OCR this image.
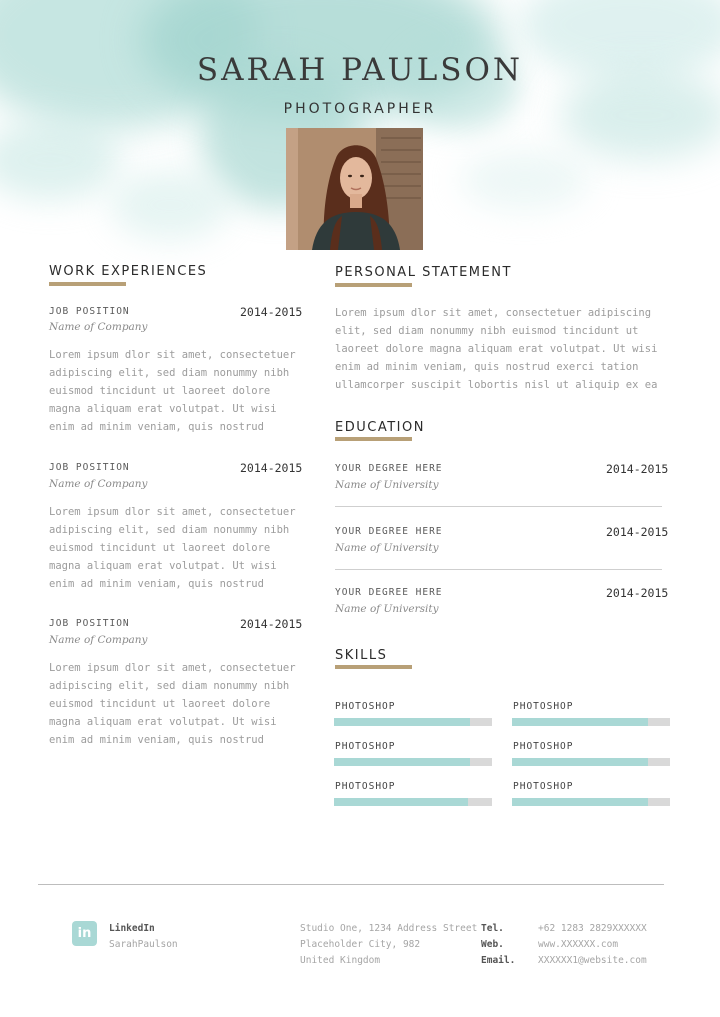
SARAH PAULSON
PHOTOGRAPHER
WORK EXPERIENCES
JOB POSITION	2014-2015
Name of Company
Lorem ipsum dlor sit amet, consectetuer
adipiscing elit, sed diam nonummy nibh
euismod tincidunt ut laoreet dolore
magna aliquam erat volutpat. Ut wisi
enim ad minim veniam, quis nostrud
JOB POSITION	2014-2015
Name of Company
Lorem ipsum dlor sit amet, consectetuer
adipiscing elit, sed diam nonummy nibh
euismod tincidunt ut laoreet dolore
magna aliquam erat volutpat. Ut wisi
enim ad minim veniam, quis nostrud
JOB POSITION	2014-2015
Name of Company
Lorem ipsum dlor sit amet, consectetuer
adipiscing elit, sed diam nonummy nibh
euismod tincidunt ut laoreet dolore
magna aliquam erat volutpat. Ut wisi
enim ad minim veniam, quis nostrud
PERSONAL STATEMENT
Lorem ipsum dlor sit amet, consectetuer adipiscing
elit, sed diam nonummy nibh euismod tincidunt ut
laoreet dolore magna aliquam erat volutpat. Ut wisi
enim ad minim veniam, quis nostrud exerci tation
ullamcorper suscipit lobortis nisl ut aliquip ex ea
EDUCATION
YOUR DEGREE HERE	2014-2015
Name of University
YOUR DEGREE HERE	2014-2015
Name of University
YOUR DEGREE HERE	2014-2015
Name of University
SKILLS
PHOTOSHOP	PHOTOSHOP
PHOTOSHOP	PHOTOSHOP
PHOTOSHOP	PHOTOSHOP
in	LinkedIn
SarahPaulson
Studio One, 1234 Address Street
Placeholder City, 982
United Kingdom
Tel.	+62 1283 2829XXXXXX
Web.	www.XXXXXX.com
Email. XXXXXX1@website.com
